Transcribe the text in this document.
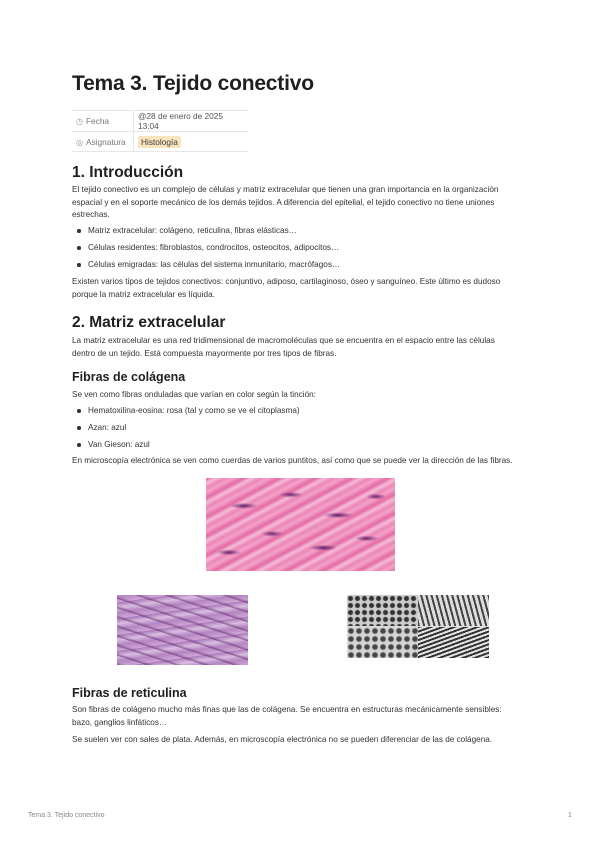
Tema 3. Tejido conectivo
◷ Fecha	@28 de enero de 2025 13:04
◎ Asignatura	Histología
1. Introducción

El tejido conectivo es un complejo de células y matriz extracelular que tienen una gran importancia en la organización
espacial y en el soporte mecánico de los demás tejidos. A diferencia del epitelial, el tejido conectivo no tiene uniones
estrechas.

Matriz extracelular: colágeno, reticulina, fibras elásticas…
Células residentes: fibroblastos, condrocitos, osteocitos, adipocitos…
Células emigradas: las células del sistema inmunitario, macrófagos…

Existen varios tipos de tejidos conectivos: conjuntivo, adiposo, cartilaginoso, óseo y sanguíneo. Este último es dudoso
porque la matriz extracelular es líquida.

2. Matriz extracelular

La matriz extracelular es una red tridimensional de macromoléculas que se encuentra en el espacio entre las células
dentro de un tejido. Está compuesta mayormente por tres tipos de fibras.

Fibras de colágena

Se ven como fibras onduladas que varían en color según la tinción:

Hematoxilina-eosina: rosa (tal y como se ve el citoplasma)
Azan: azul
Van Gieson: azul

En microscopía electrónica se ven como cuerdas de varios puntitos, así como que se puede ver la dirección de las fibras.

Fibras de reticulina

Son fibras de colágeno mucho más finas que las de colágena. Se encuentra en estructuras mecánicamente sensibles:
bazo, ganglios linfáticos…

Se suelen ver con sales de plata. Además, en microscopía electrónica no se pueden diferenciar de las de colágena.

Tema 3. Tejido conectivo	1
